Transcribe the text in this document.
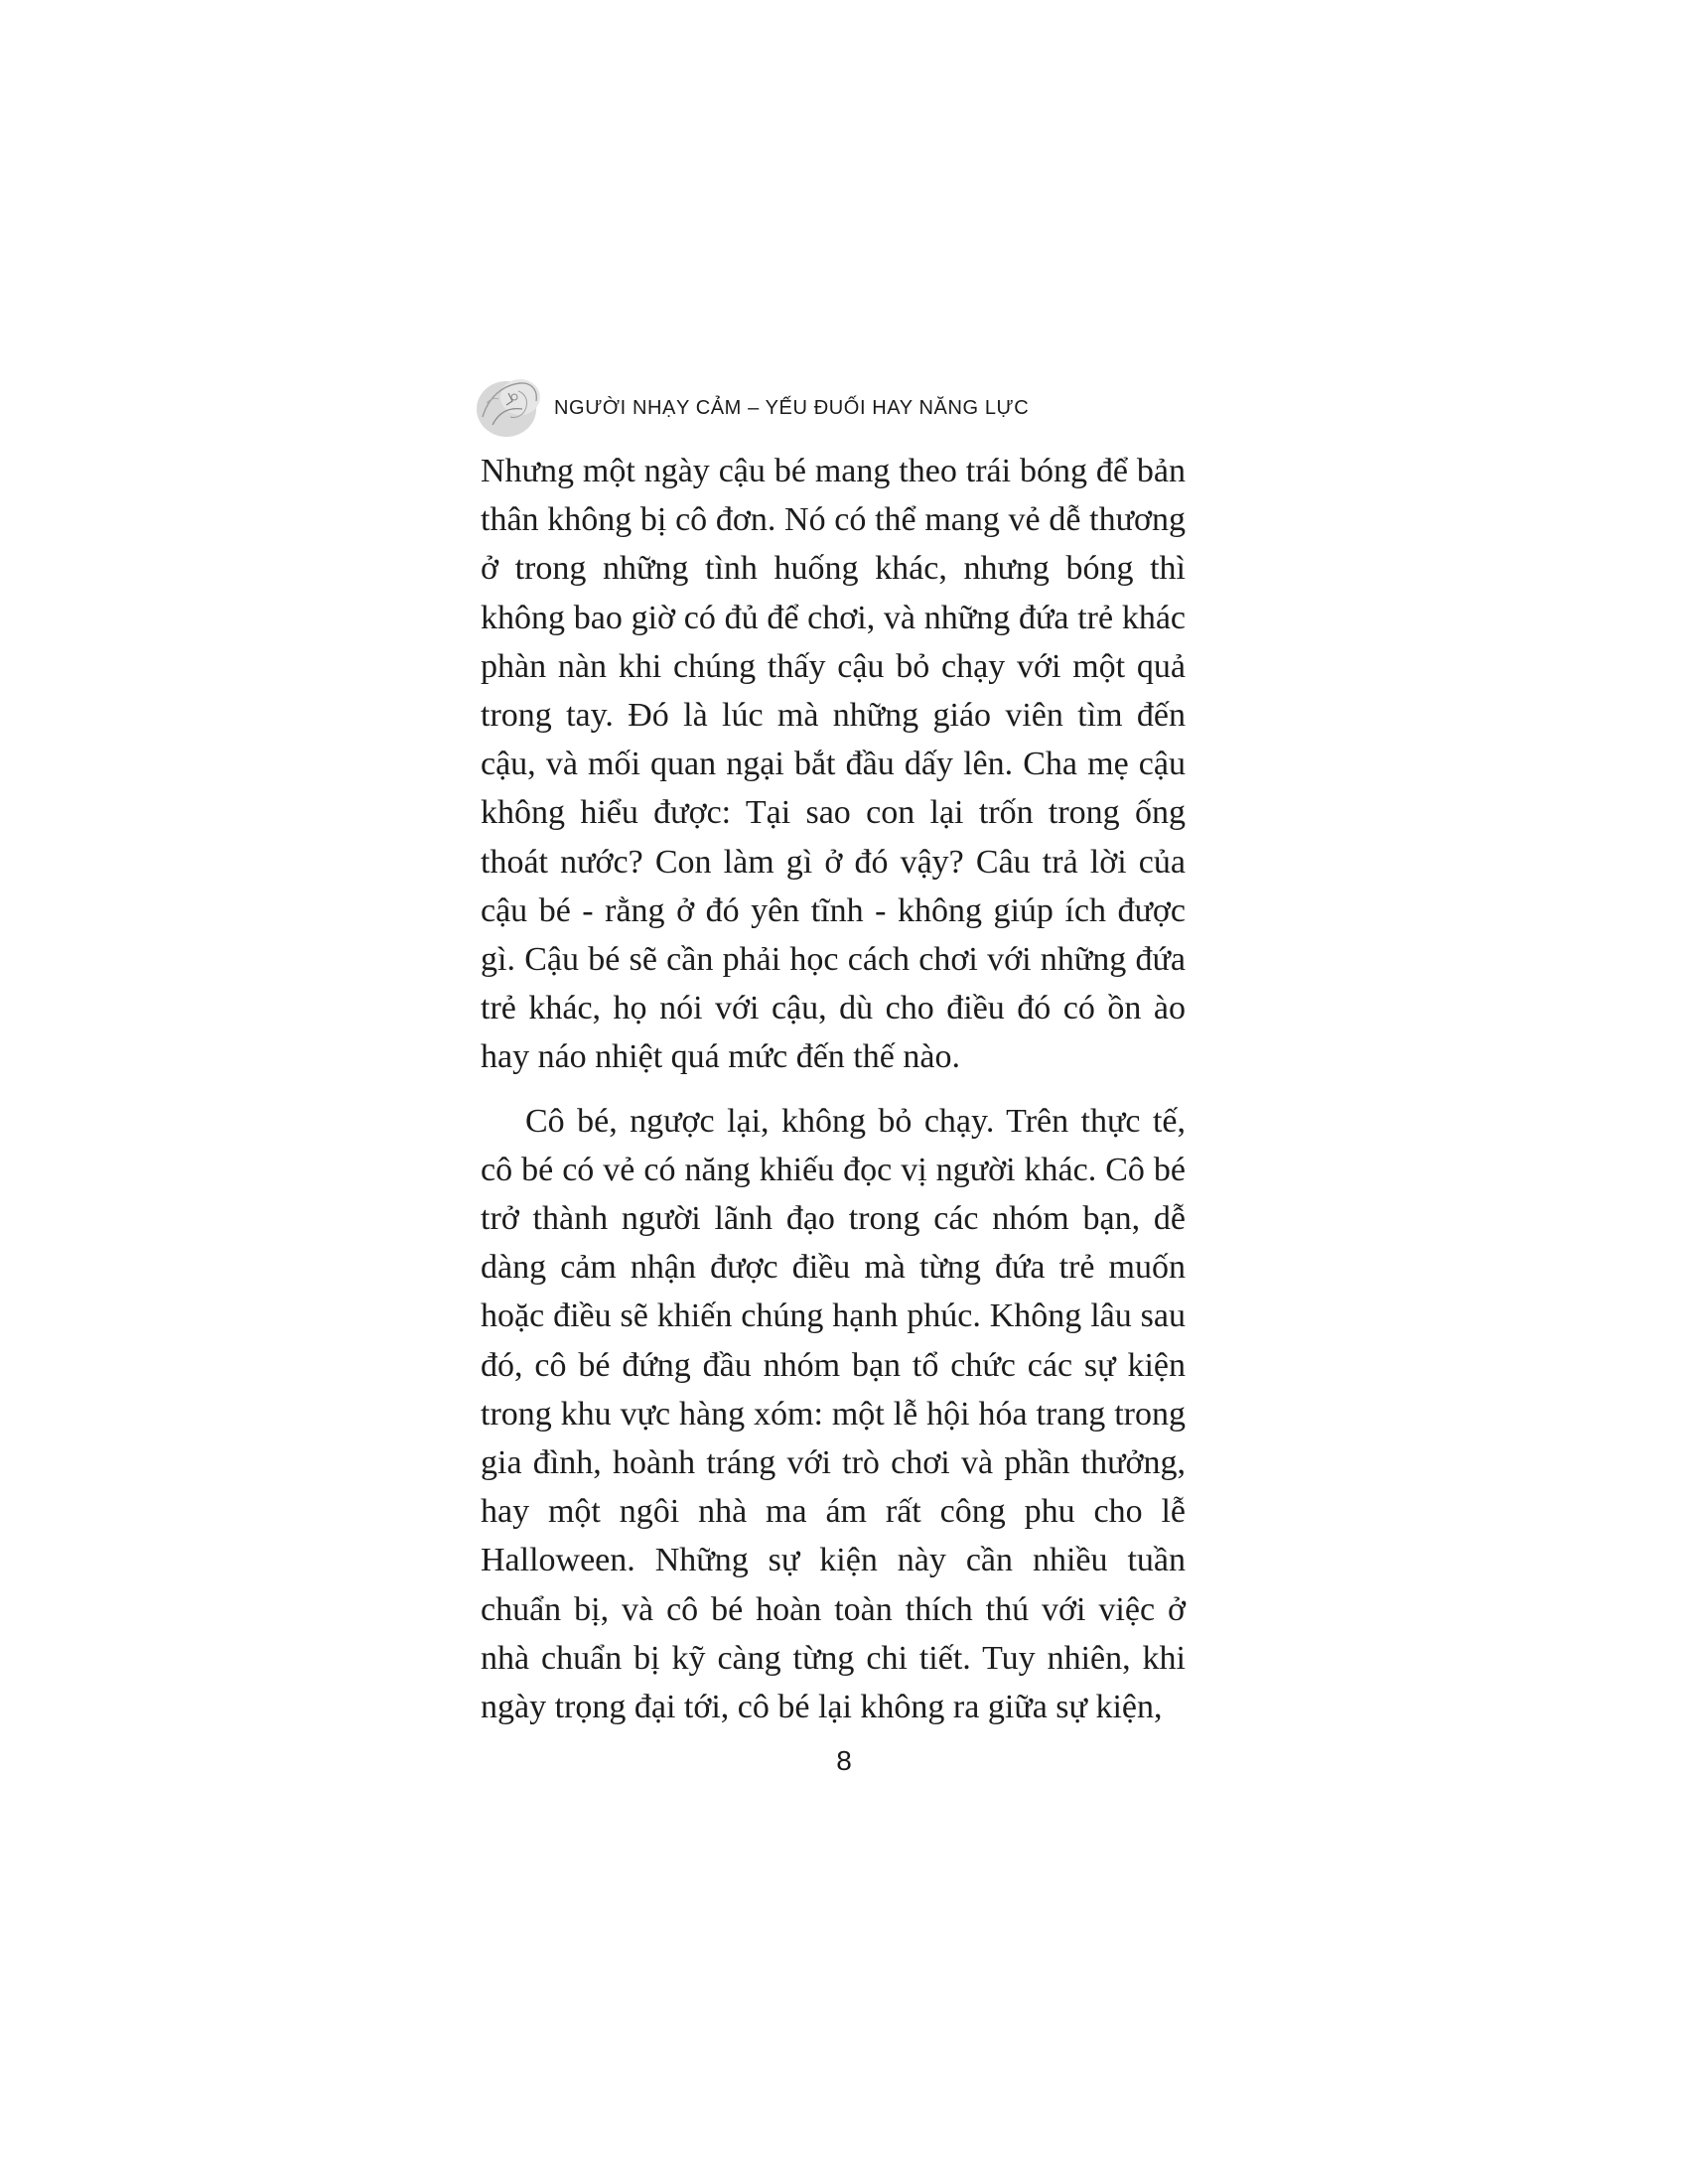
NGƯỜI NHẠY CẢM – YẾU ĐUỐI HAY NĂNG LỰC

Nhưng một ngày cậu bé mang theo trái bóng để bản thân không bị cô đơn. Nó có thể mang vẻ dễ thương ở trong những tình huống khác, nhưng bóng thì không bao giờ có đủ để chơi, và những đứa trẻ khác phàn nàn khi chúng thấy cậu bỏ chạy với một quả trong tay. Đó là lúc mà những giáo viên tìm đến cậu, và mối quan ngại bắt đầu dấy lên. Cha mẹ cậu không hiểu được: Tại sao con lại trốn trong ống thoát nước? Con làm gì ở đó vậy? Câu trả lời của cậu bé - rằng ở đó yên tĩnh - không giúp ích được gì. Cậu bé sẽ cần phải học cách chơi với những đứa trẻ khác, họ nói với cậu, dù cho điều đó có ồn ào hay náo nhiệt quá mức đến thế nào.

Cô bé, ngược lại, không bỏ chạy. Trên thực tế, cô bé có vẻ có năng khiếu đọc vị người khác. Cô bé trở thành người lãnh đạo trong các nhóm bạn, dễ dàng cảm nhận được điều mà từng đứa trẻ muốn hoặc điều sẽ khiến chúng hạnh phúc. Không lâu sau đó, cô bé đứng đầu nhóm bạn tổ chức các sự kiện trong khu vực hàng xóm: một lễ hội hóa trang trong gia đình, hoành tráng với trò chơi và phần thưởng, hay một ngôi nhà ma ám rất công phu cho lễ Halloween. Những sự kiện này cần nhiều tuần chuẩn bị, và cô bé hoàn toàn thích thú với việc ở nhà chuẩn bị kỹ càng từng chi tiết. Tuy nhiên, khi ngày trọng đại tới, cô bé lại không ra giữa sự kiện,

8
